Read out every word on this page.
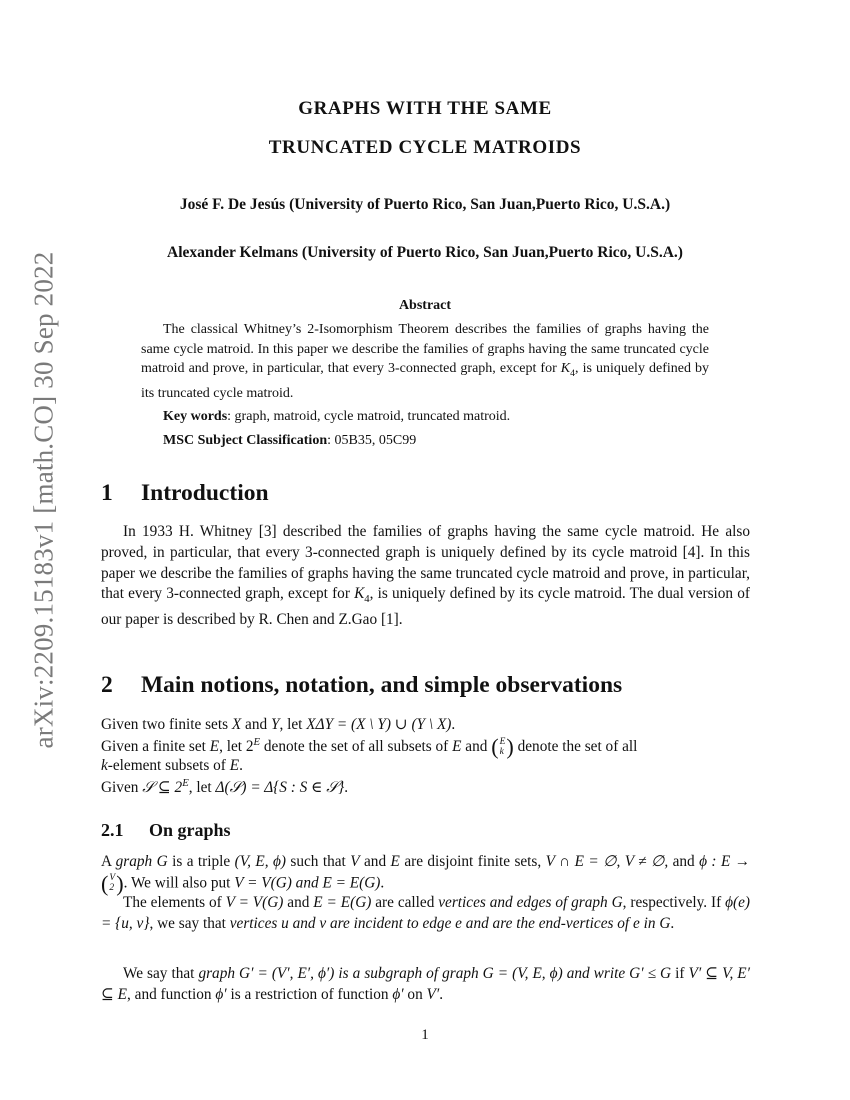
arXiv:2209.15183v1 [math.CO] 30 Sep 2022
GRAPHS WITH THE SAME
TRUNCATED CYCLE MATROIDS
José F. De Jesús (University of Puerto Rico, San Juan,Puerto Rico, U.S.A.)
Alexander Kelmans (University of Puerto Rico, San Juan,Puerto Rico, U.S.A.)
Abstract
The classical Whitney’s 2-Isomorphism Theorem describes the families of graphs having the same cycle matroid. In this paper we describe the families of graphs having the same truncated cycle matroid and prove, in particular, that every 3-connected graph, except for $K_4$, is uniquely defined by its truncated cycle matroid.
Key words: graph, matroid, cycle matroid, truncated matroid.
MSC Subject Classification: 05B35, 05C99
1 Introduction
In 1933 H. Whitney [3] described the families of graphs having the same cycle matroid. He also proved, in particular, that every 3-connected graph is uniquely defined by its cycle matroid [4]. In this paper we describe the families of graphs having the same truncated cycle matroid and prove, in particular, that every 3-connected graph, except for $K_4$, is uniquely defined by its cycle matroid. The dual version of our paper is described by R. Chen and Z.Gao [1].
2 Main notions, notation, and simple observations
Given two finite sets X and Y, let XΔY = (X \ Y) ∪ (Y \ X).
Given a finite set E, let $2^E$ denote the set of all subsets of E and ( E
k ) denote the set of all
k-element subsets of E.
Given 𝒮 ⊆ $2^E$, let Δ(𝒮) = Δ{S : S ∈ 𝒮}.
2.1 On graphs
A graph G is a triple (V, E, ϕ) such that V and E are disjoint finite sets, V ∩ E = ∅, V ≠ ∅, and ϕ : E →
( V
2 ) . We will also put V = V(G) and E = E(G).
The elements of V = V(G) and E = E(G) are called vertices and edges of graph G, respectively. If ϕ(e) = {u, v}, we say that vertices u and v are incident to edge e and are the end-vertices of e in G.
We say that graph G′ = (V′, E′, ϕ′) is a subgraph of graph G = (V, E, ϕ) and write G′ ≤ G if V′ ⊆ V, E′ ⊆ E, and function ϕ′ is a restriction of function ϕ′ on V′.
1
